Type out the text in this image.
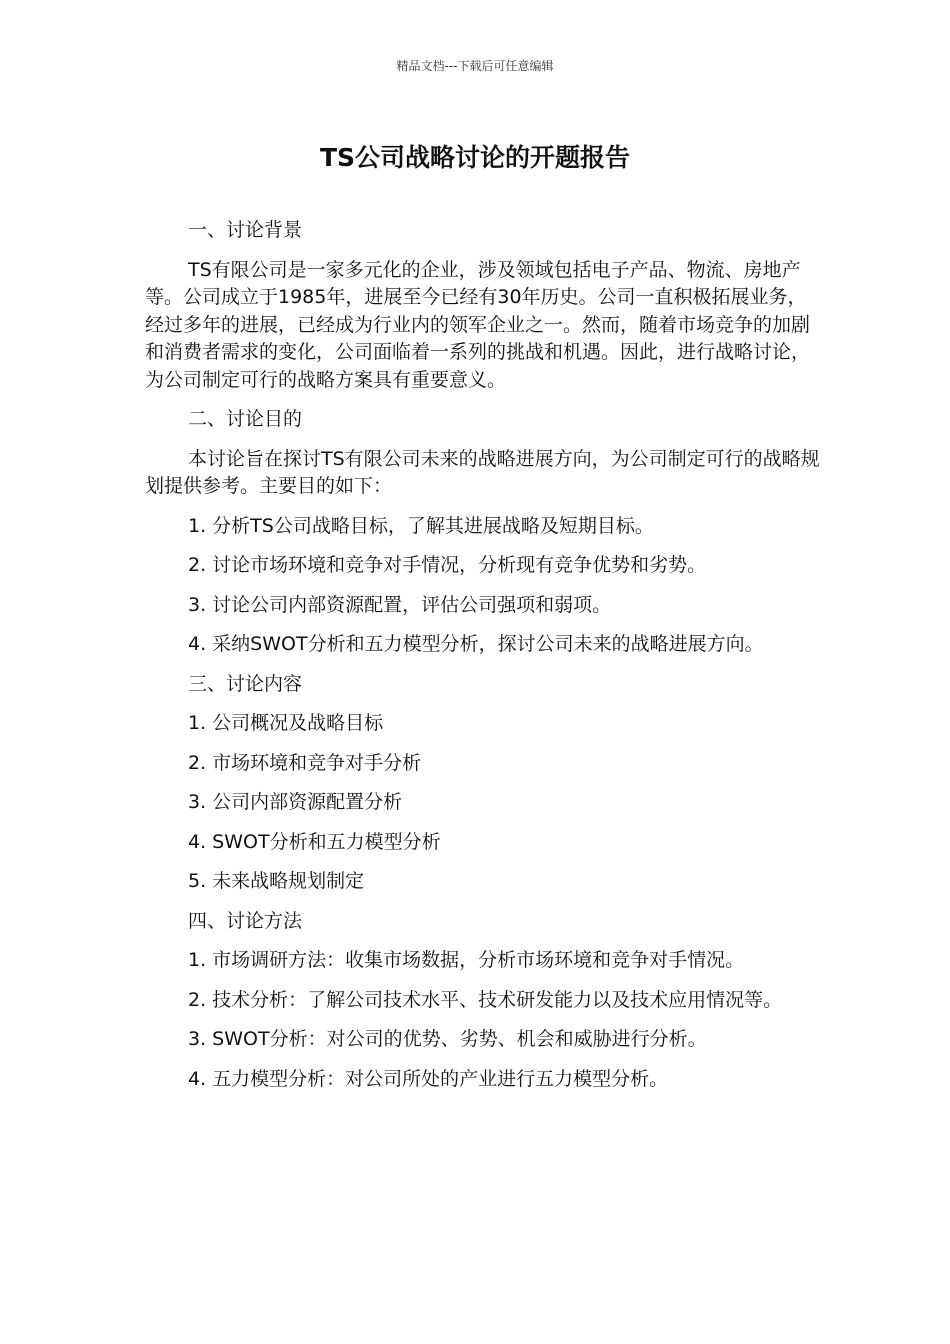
精品文档---下载后可任意编辑
TS公司战略讨论的开题报告

一、讨论背景

TS有限公司是一家多元化的企业，涉及领域包括电子产品、物流、房地产等。公司成立于1985年，进展至今已经有30年历史。公司一直积极拓展业务，经过多年的进展，已经成为行业内的领军企业之一。然而，随着市场竞争的加剧和消费者需求的变化，公司面临着一系列的挑战和机遇。因此，进行战略讨论，为公司制定可行的战略方案具有重要意义。

二、讨论目的

本讨论旨在探讨TS有限公司未来的战略进展方向，为公司制定可行的战略规划提供参考。主要目的如下：

1. 分析TS公司战略目标，了解其进展战略及短期目标。

2. 讨论市场环境和竞争对手情况，分析现有竞争优势和劣势。

3. 讨论公司内部资源配置，评估公司强项和弱项。

4. 采纳SWOT分析和五力模型分析，探讨公司未来的战略进展方向。

三、讨论内容

1. 公司概况及战略目标

2. 市场环境和竞争对手分析

3. 公司内部资源配置分析

4. SWOT分析和五力模型分析

5. 未来战略规划制定

四、讨论方法

1. 市场调研方法：收集市场数据，分析市场环境和竞争对手情况。

2. 技术分析：了解公司技术水平、技术研发能力以及技术应用情况等。

3. SWOT分析：对公司的优势、劣势、机会和威胁进行分析。

4. 五力模型分析：对公司所处的产业进行五力模型分析。
